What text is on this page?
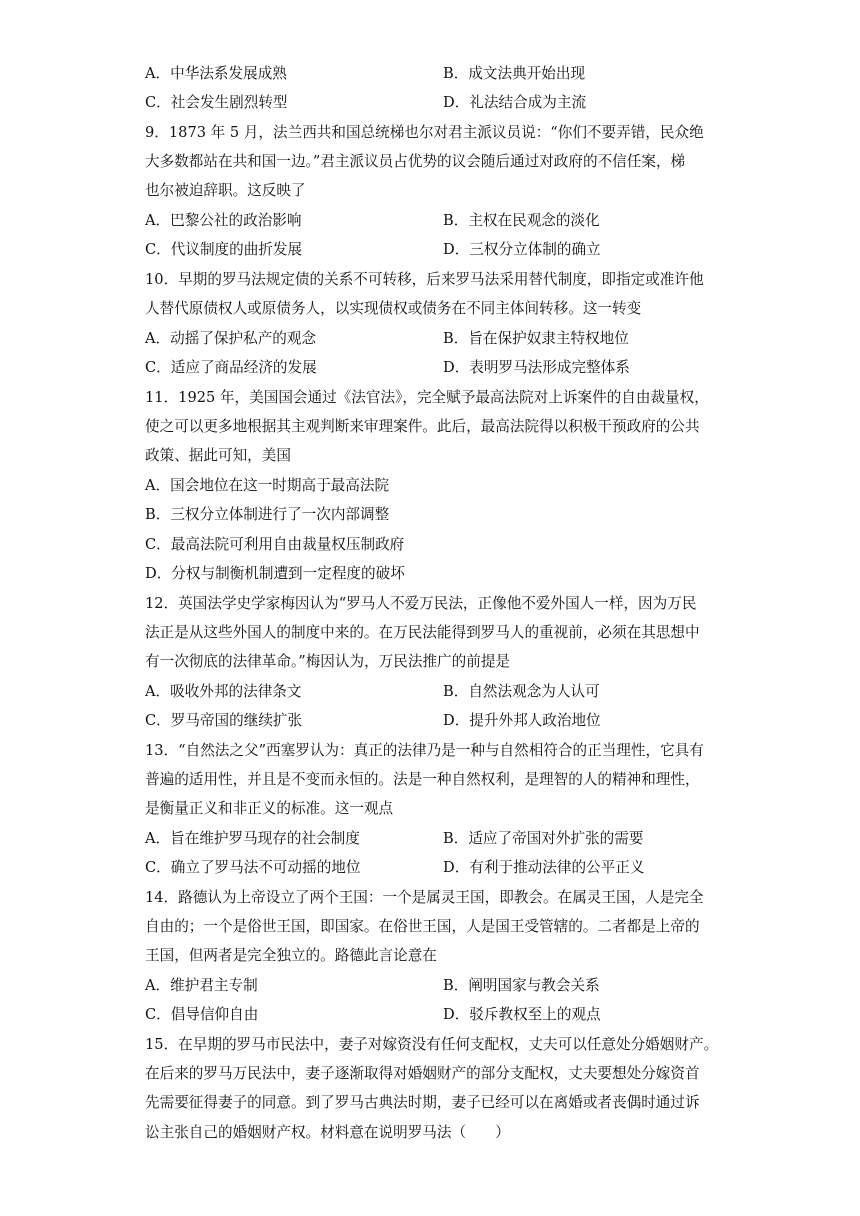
A．中华法系发展成熟	B．成文法典开始出现
C．社会发生剧烈转型	D．礼法结合成为主流
9．1873 年 5 月，法兰西共和国总统梯也尔对君主派议员说：“你们不要弄错，民众绝
大多数都站在共和国一边。”君主派议员占优势的议会随后通过对政府的不信任案，梯
也尔被迫辞职。这反映了
A．巴黎公社的政治影响	B．主权在民观念的淡化
C．代议制度的曲折发展	D．三权分立体制的确立
10．早期的罗马法规定债的关系不可转移，后来罗马法采用替代制度，即指定或准许他
人替代原债权人或原债务人，以实现债权或债务在不同主体间转移。这一转变
A．动摇了保护私产的观念	B．旨在保护奴隶主特权地位
C．适应了商品经济的发展	D．表明罗马法形成完整体系
11．1925 年，美国国会通过《法官法》，完全赋予最高法院对上诉案件的自由裁量权，
使之可以更多地根据其主观判断来审理案件。此后，最高法院得以积极干预政府的公共
政策、据此可知，美国
A．国会地位在这一时期高于最高法院
B．三权分立体制进行了一次内部调整
C．最高法院可利用自由裁量权压制政府
D．分权与制衡机制遭到一定程度的破坏
12．英国法学史学家梅因认为“罗马人不爱万民法，正像他不爱外国人一样，因为万民
法正是从这些外国人的制度中来的。在万民法能得到罗马人的重视前，必须在其思想中
有一次彻底的法律革命。”梅因认为，万民法推广的前提是
A．吸收外邦的法律条文	B．自然法观念为人认可
C．罗马帝国的继续扩张	D．提升外邦人政治地位
13．“自然法之父”西塞罗认为：真正的法律乃是一种与自然相符合的正当理性，它具有
普遍的适用性，并且是不变而永恒的。法是一种自然权利，是理智的人的精神和理性，
是衡量正义和非正义的标准。这一观点
A．旨在维护罗马现存的社会制度	B．适应了帝国对外扩张的需要
C．确立了罗马法不可动摇的地位	D．有利于推动法律的公平正义
14．路德认为上帝设立了两个王国：一个是属灵王国，即教会。在属灵王国，人是完全
自由的；一个是俗世王国，即国家。在俗世王国，人是国王受管辖的。二者都是上帝的
王国，但两者是完全独立的。路德此言论意在
A．维护君主专制	B．阐明国家与教会关系
C．倡导信仰自由	D．驳斥教权至上的观点
15．在早期的罗马市民法中，妻子对嫁资没有任何支配权，丈夫可以任意处分婚姻财产。
在后来的罗马万民法中，妻子逐渐取得对婚姻财产的部分支配权，丈夫要想处分嫁资首
先需要征得妻子的同意。到了罗马古典法时期，妻子已经可以在离婚或者丧偶时通过诉
讼主张自己的婚姻财产权。材料意在说明罗马法（　　）
